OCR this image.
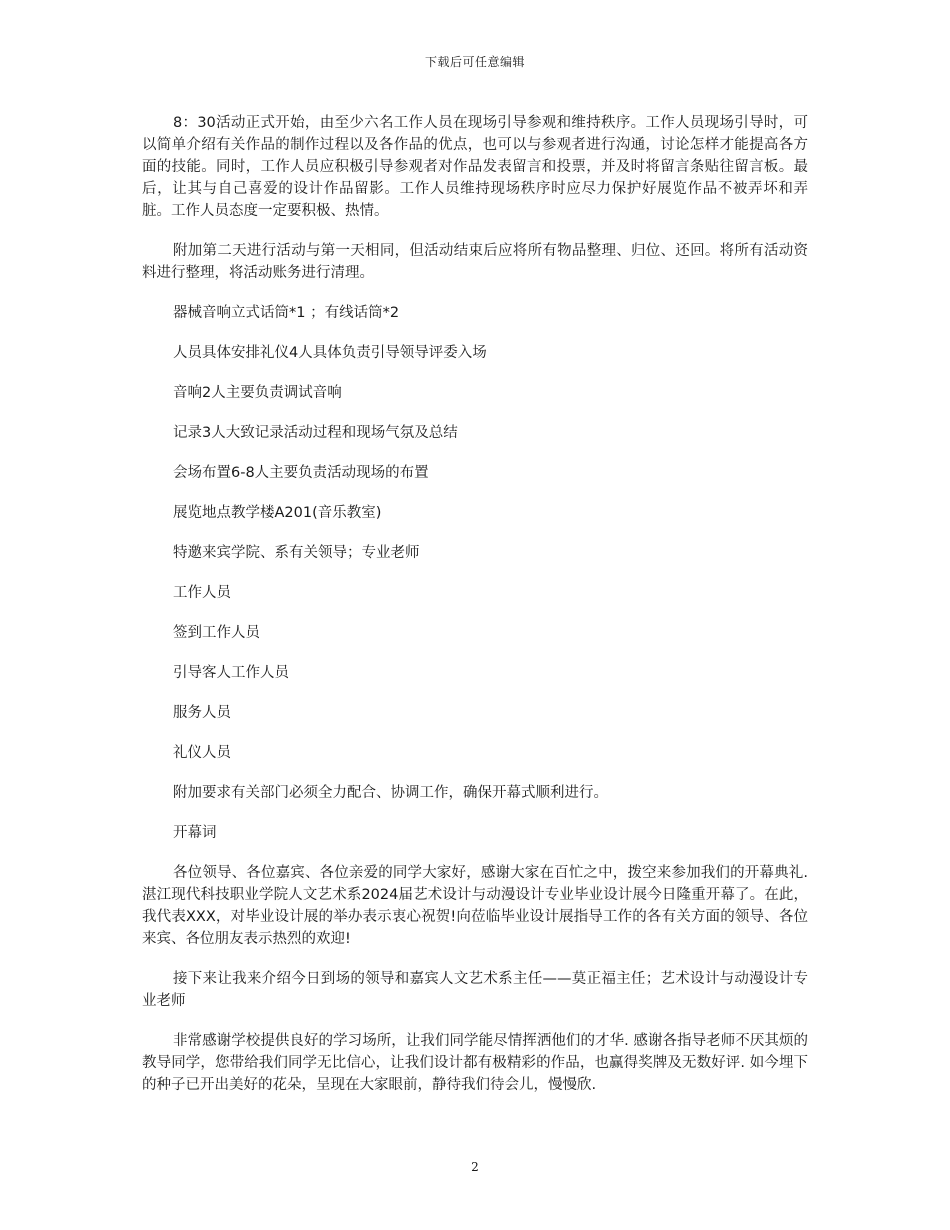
下载后可任意编辑

8：30活动正式开始，由至少六名工作人员在现场引导参观和维持秩序。工作人员现场引导时，可以简单介绍有关作品的制作过程以及各作品的优点，也可以与参观者进行沟通，讨论怎样才能提高各方面的技能。同时，工作人员应积极引导参观者对作品发表留言和投票，并及时将留言条贴往留言板。最后，让其与自己喜爱的设计作品留影。工作人员维持现场秩序时应尽力保护好展览作品不被弄坏和弄脏。工作人员态度一定要积极、热情。

附加第二天进行活动与第一天相同，但活动结束后应将所有物品整理、归位、还回。将所有活动资料进行整理，将活动账务进行清理。

器械音响立式话筒*1 ；有线话筒*2

人员具体安排礼仪4人具体负责引导领导评委入场

音响2人主要负责调试音响

记录3人大致记录活动过程和现场气氛及总结

会场布置6-8人主要负责活动现场的布置

展览地点教学楼A201(音乐教室)

特邀来宾学院、系有关领导；专业老师

工作人员

签到工作人员

引导客人工作人员

服务人员

礼仪人员

附加要求有关部门必须全力配合、协调工作，确保开幕式顺利进行。

开幕词

各位领导、各位嘉宾、各位亲爱的同学大家好，感谢大家在百忙之中，拨空来参加我们的开幕典礼. 湛江现代科技职业学院人文艺术系2024届艺术设计与动漫设计专业毕业设计展今日隆重开幕了。在此，我代表XXX，对毕业设计展的举办表示衷心祝贺!向莅临毕业设计展指导工作的各有关方面的领导、各位来宾、各位朋友表示热烈的欢迎!

接下来让我来介绍今日到场的领导和嘉宾人文艺术系主任——莫正福主任；艺术设计与动漫设计专业老师

非常感谢学校提供良好的学习场所，让我们同学能尽情挥洒他们的才华. 感谢各指导老师不厌其烦的教导同学，您带给我们同学无比信心，让我们设计都有极精彩的作品，也赢得奖牌及无数好评. 如今埋下的种子已开出美好的花朵，呈现在大家眼前，静待我们待会儿，慢慢欣.

2
